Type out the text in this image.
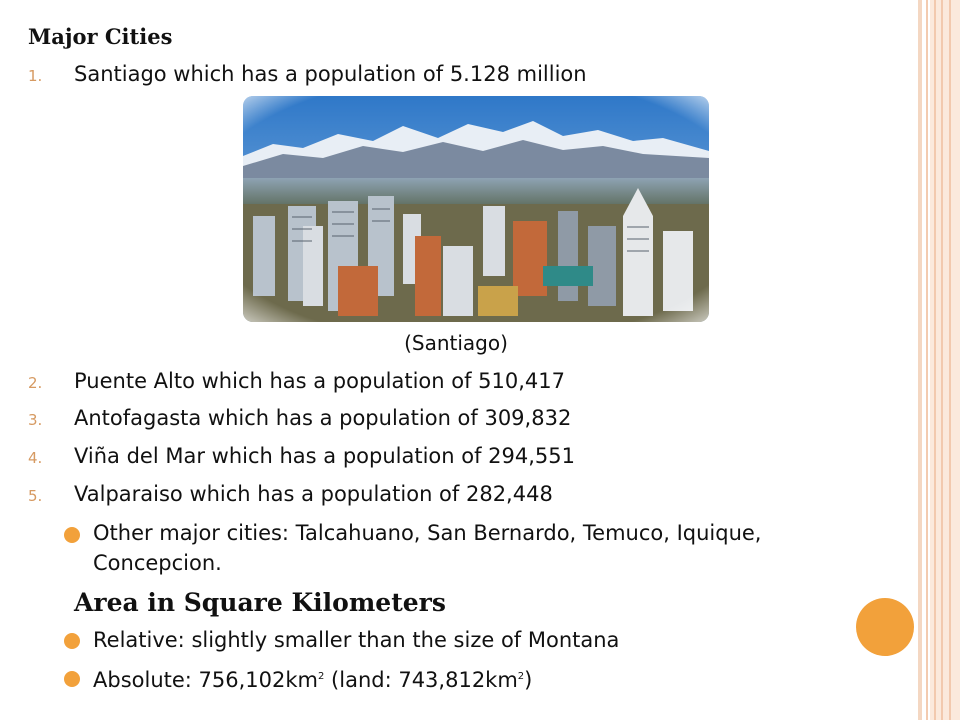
Major Cities
1. Santiago which has a population of 5.128 million
(Santiago)
2. Puente Alto which has a population of 510,417
3. Antofagasta which has a population of 309,832
4. Viña del Mar which has a population of 294,551
5. Valparaiso which has a population of 282,448
Other major cities: Talcahuano, San Bernardo, Temuco, Iquique,
Concepcion.
Area in Square Kilometers
Relative: slightly smaller than the size of Montana
Absolute: $756,102km^2$ (land: $743,812km^2$)
